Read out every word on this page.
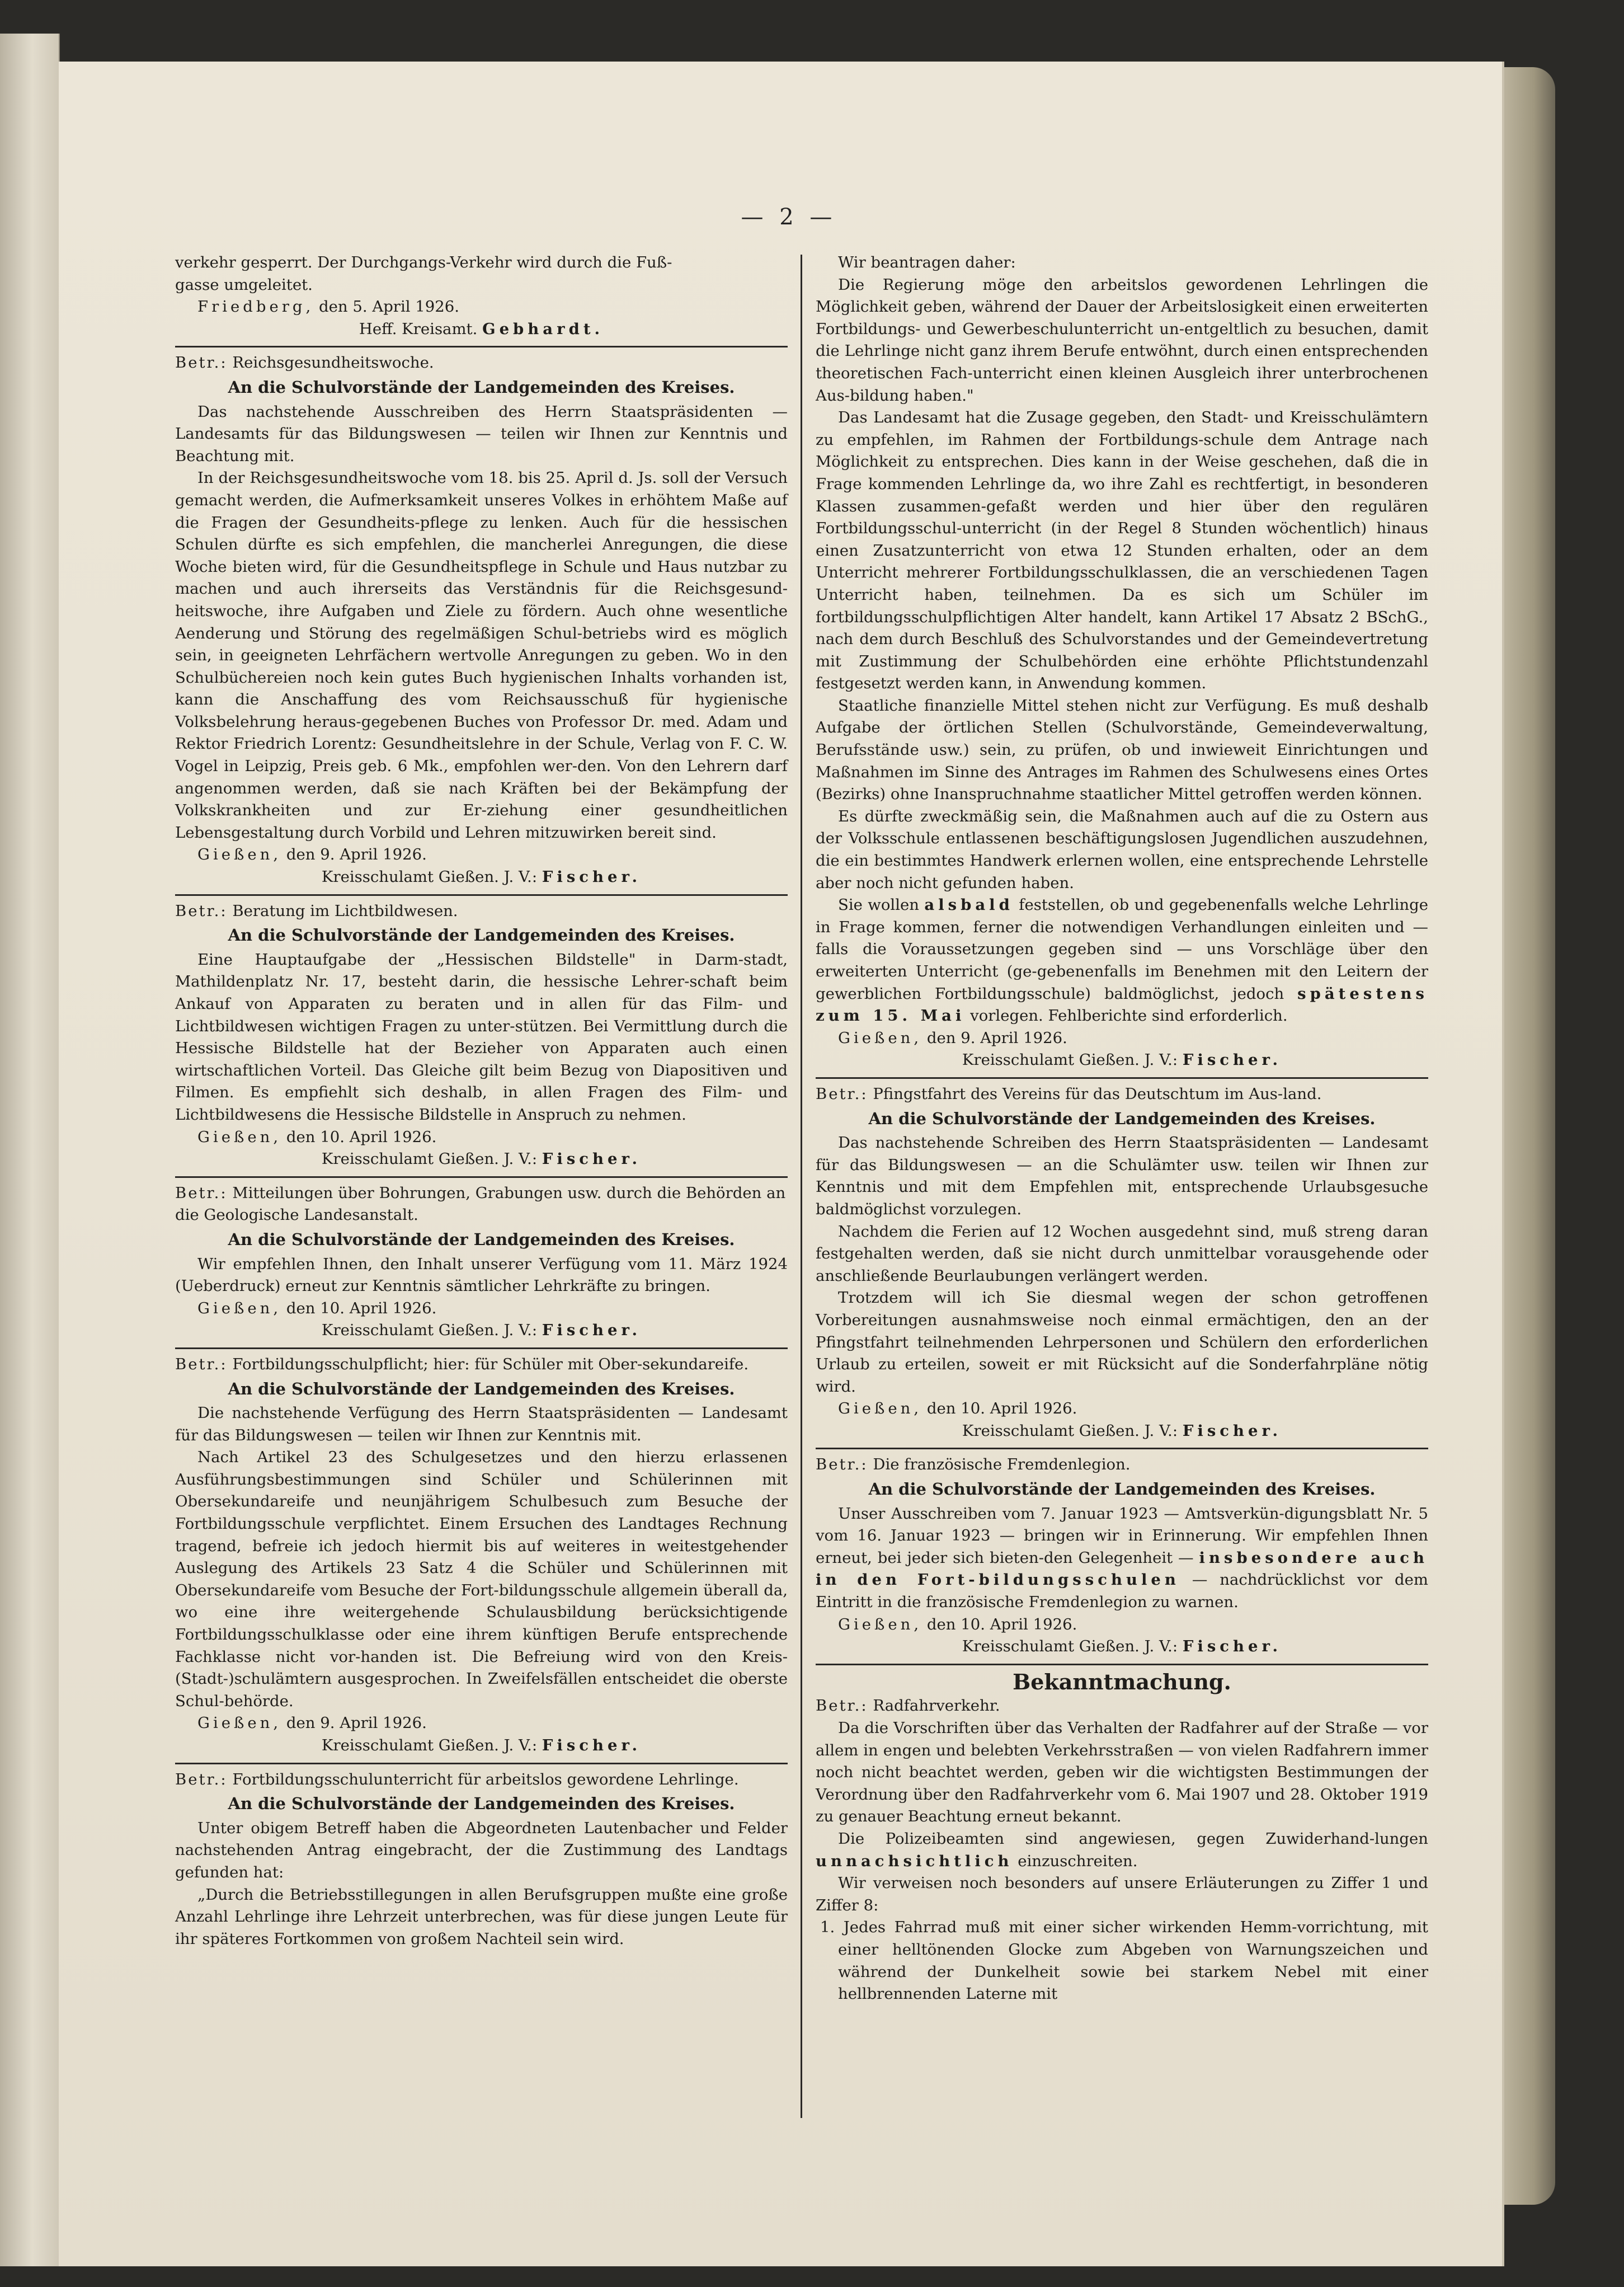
— 2 —

verkehr gesperrt. Der Durchgangs-Verkehr wird durch die Fuß-

gasse umgeleitet.

Friedberg, den 5. April 1926.

Heff. Kreisamt. Gebhardt.

Betr.: Reichsgesundheitswoche.

An die Schulvorstände der Landgemeinden des Kreises.

Das nachstehende Ausschreiben des Herrn Staatspräsidenten — Landesamts für das Bildungswesen — teilen wir Ihnen zur Kenntnis und Beachtung mit.

In der Reichsgesundheitswoche vom 18. bis 25. April d. Js. soll der Versuch gemacht werden, die Aufmerksamkeit unseres Volkes in erhöhtem Maße auf die Fragen der Gesundheits-pflege zu lenken. Auch für die hessischen Schulen dürfte es sich empfehlen, die mancherlei Anregungen, die diese Woche bieten wird, für die Gesundheitspflege in Schule und Haus nutzbar zu machen und auch ihrerseits das Verständnis für die Reichsgesund-heitswoche, ihre Aufgaben und Ziele zu fördern. Auch ohne wesentliche Aenderung und Störung des regelmäßigen Schul-betriebs wird es möglich sein, in geeigneten Lehrfächern wertvolle Anregungen zu geben. Wo in den Schulbüchereien noch kein gutes Buch hygienischen Inhalts vorhanden ist, kann die Anschaffung des vom Reichsausschuß für hygienische Volksbelehrung heraus-gegebenen Buches von Professor Dr. med. Adam und Rektor Friedrich Lorentz: Gesundheitslehre in der Schule, Verlag von F. C. W. Vogel in Leipzig, Preis geb. 6 Mk., empfohlen wer-den. Von den Lehrern darf angenommen werden, daß sie nach Kräften bei der Bekämpfung der Volkskrankheiten und zur Er-ziehung einer gesundheitlichen Lebensgestaltung durch Vorbild und Lehren mitzuwirken bereit sind.

Gießen, den 9. April 1926.

Kreisschulamt Gießen. J. V.: Fischer.

Betr.: Beratung im Lichtbildwesen.

An die Schulvorstände der Landgemeinden des Kreises.

Eine Hauptaufgabe der „Hessischen Bildstelle" in Darm-stadt, Mathildenplatz Nr. 17, besteht darin, die hessische Lehrer-schaft beim Ankauf von Apparaten zu beraten und in allen für das Film- und Lichtbildwesen wichtigen Fragen zu unter-stützen. Bei Vermittlung durch die Hessische Bildstelle hat der Bezieher von Apparaten auch einen wirtschaftlichen Vorteil. Das Gleiche gilt beim Bezug von Diapositiven und Filmen. Es empfiehlt sich deshalb, in allen Fragen des Film- und Lichtbildwesens die Hessische Bildstelle in Anspruch zu nehmen.

Gießen, den 10. April 1926.

Kreisschulamt Gießen. J. V.: Fischer.

Betr.: Mitteilungen über Bohrungen, Grabungen usw. durch die Behörden an die Geologische Landesanstalt.

An die Schulvorstände der Landgemeinden des Kreises.

Wir empfehlen Ihnen, den Inhalt unserer Verfügung vom 11. März 1924 (Ueberdruck) erneut zur Kenntnis sämtlicher Lehrkräfte zu bringen.

Gießen, den 10. April 1926.

Kreisschulamt Gießen. J. V.: Fischer.

Betr.: Fortbildungsschulpflicht; hier: für Schüler mit Ober-sekundareife.

An die Schulvorstände der Landgemeinden des Kreises.

Die nachstehende Verfügung des Herrn Staatspräsidenten — Landesamt für das Bildungswesen — teilen wir Ihnen zur Kenntnis mit.

Nach Artikel 23 des Schulgesetzes und den hierzu erlassenen Ausführungsbestimmungen sind Schüler und Schülerinnen mit Obersekundareife und neunjährigem Schulbesuch zum Besuche der Fortbildungsschule verpflichtet. Einem Ersuchen des Landtages Rechnung tragend, befreie ich jedoch hiermit bis auf weiteres in weitestgehender Auslegung des Artikels 23 Satz 4 die Schüler und Schülerinnen mit Obersekundareife vom Besuche der Fort-bildungsschule allgemein überall da, wo eine ihre weitergehende Schulausbildung berücksichtigende Fortbildungsschulklasse oder eine ihrem künftigen Berufe entsprechende Fachklasse nicht vor-handen ist. Die Befreiung wird von den Kreis-(Stadt-)schulämtern ausgesprochen. In Zweifelsfällen entscheidet die oberste Schul-behörde.

Gießen, den 9. April 1926.

Kreisschulamt Gießen. J. V.: Fischer.

Betr.: Fortbildungsschulunterricht für arbeitslos gewordene Lehrlinge.

An die Schulvorstände der Landgemeinden des Kreises.

Unter obigem Betreff haben die Abgeordneten Lautenbacher und Felder nachstehenden Antrag eingebracht, der die Zustimmung des Landtags gefunden hat:

„Durch die Betriebsstillegungen in allen Berufsgruppen mußte eine große Anzahl Lehrlinge ihre Lehrzeit unterbrechen, was für diese jungen Leute für ihr späteres Fortkommen von großem Nachteil sein wird.

Wir beantragen daher:

Die Regierung möge den arbeitslos gewordenen Lehrlingen die Möglichkeit geben, während der Dauer der Arbeitslosigkeit einen erweiterten Fortbildungs- und Gewerbeschulunterricht un-entgeltlich zu besuchen, damit die Lehrlinge nicht ganz ihrem Berufe entwöhnt, durch einen entsprechenden theoretischen Fach-unterricht einen kleinen Ausgleich ihrer unterbrochenen Aus-bildung haben."

Das Landesamt hat die Zusage gegeben, den Stadt- und Kreisschulämtern zu empfehlen, im Rahmen der Fortbildungs-schule dem Antrage nach Möglichkeit zu entsprechen. Dies kann in der Weise geschehen, daß die in Frage kommenden Lehrlinge da, wo ihre Zahl es rechtfertigt, in besonderen Klassen zusammen-gefaßt werden und hier über den regulären Fortbildungsschul-unterricht (in der Regel 8 Stunden wöchentlich) hinaus einen Zusatzunterricht von etwa 12 Stunden erhalten, oder an dem Unterricht mehrerer Fortbildungsschulklassen, die an verschiedenen Tagen Unterricht haben, teilnehmen. Da es sich um Schüler im fortbildungsschulpflichtigen Alter handelt, kann Artikel 17 Absatz 2 BSchG., nach dem durch Beschluß des Schulvorstandes und der Gemeindevertretung mit Zustimmung der Schulbehörden eine erhöhte Pflichtstundenzahl festgesetzt werden kann, in Anwendung kommen.

Staatliche finanzielle Mittel stehen nicht zur Verfügung. Es muß deshalb Aufgabe der örtlichen Stellen (Schulvorstände, Gemeindeverwaltung, Berufsstände usw.) sein, zu prüfen, ob und inwieweit Einrichtungen und Maßnahmen im Sinne des Antrages im Rahmen des Schulwesens eines Ortes (Bezirks) ohne Inanspruchnahme staatlicher Mittel getroffen werden können.

Es dürfte zweckmäßig sein, die Maßnahmen auch auf die zu Ostern aus der Volksschule entlassenen beschäftigungslosen Jugendlichen auszudehnen, die ein bestimmtes Handwerk erlernen wollen, eine entsprechende Lehrstelle aber noch nicht gefunden haben.

Sie wollen alsbald feststellen, ob und gegebenenfalls welche Lehrlinge in Frage kommen, ferner die notwendigen Verhandlungen einleiten und — falls die Voraussetzungen gegeben sind — uns Vorschläge über den erweiterten Unterricht (ge-gebenenfalls im Benehmen mit den Leitern der gewerblichen Fortbildungsschule) baldmöglichst, jedoch spätestens zum 15. Mai vorlegen. Fehlberichte sind erforderlich.

Gießen, den 9. April 1926.

Kreisschulamt Gießen. J. V.: Fischer.

Betr.: Pfingstfahrt des Vereins für das Deutschtum im Aus-land.

An die Schulvorstände der Landgemeinden des Kreises.

Das nachstehende Schreiben des Herrn Staatspräsidenten — Landesamt für das Bildungswesen — an die Schulämter usw. teilen wir Ihnen zur Kenntnis und mit dem Empfehlen mit, entsprechende Urlaubsgesuche baldmöglichst vorzulegen.

Nachdem die Ferien auf 12 Wochen ausgedehnt sind, muß streng daran festgehalten werden, daß sie nicht durch unmittelbar vorausgehende oder anschließende Beurlaubungen verlängert werden.

Trotzdem will ich Sie diesmal wegen der schon getroffenen Vorbereitungen ausnahmsweise noch einmal ermächtigen, den an der Pfingstfahrt teilnehmenden Lehrpersonen und Schülern den erforderlichen Urlaub zu erteilen, soweit er mit Rücksicht auf die Sonderfahrpläne nötig wird.

Gießen, den 10. April 1926.

Kreisschulamt Gießen. J. V.: Fischer.

Betr.: Die französische Fremdenlegion.

An die Schulvorstände der Landgemeinden des Kreises.

Unser Ausschreiben vom 7. Januar 1923 — Amtsverkün-digungsblatt Nr. 5 vom 16. Januar 1923 — bringen wir in Erinnerung. Wir empfehlen Ihnen erneut, bei jeder sich bieten-den Gelegenheit — insbesondere auch in den Fort-bildungsschulen — nachdrücklichst vor dem Eintritt in die französische Fremdenlegion zu warnen.

Gießen, den 10. April 1926.

Kreisschulamt Gießen. J. V.: Fischer.

Bekanntmachung.

Betr.: Radfahrverkehr.

Da die Vorschriften über das Verhalten der Radfahrer auf der Straße — vor allem in engen und belebten Verkehrsstraßen — von vielen Radfahrern immer noch nicht beachtet werden, geben wir die wichtigsten Bestimmungen der Verordnung über den Radfahrverkehr vom 6. Mai 1907 und 28. Oktober 1919 zu genauer Beachtung erneut bekannt.

Die Polizeibeamten sind angewiesen, gegen Zuwiderhand-lungen unnachsichtlich einzuschreiten.

Wir verweisen noch besonders auf unsere Erläuterungen zu Ziffer 1 und Ziffer 8:

1. Jedes Fahrrad muß mit einer sicher wirkenden Hemm-vorrichtung, mit einer helltönenden Glocke zum Abgeben von Warnungszeichen und während der Dunkelheit sowie bei starkem Nebel mit einer hellbrennenden Laterne mit
